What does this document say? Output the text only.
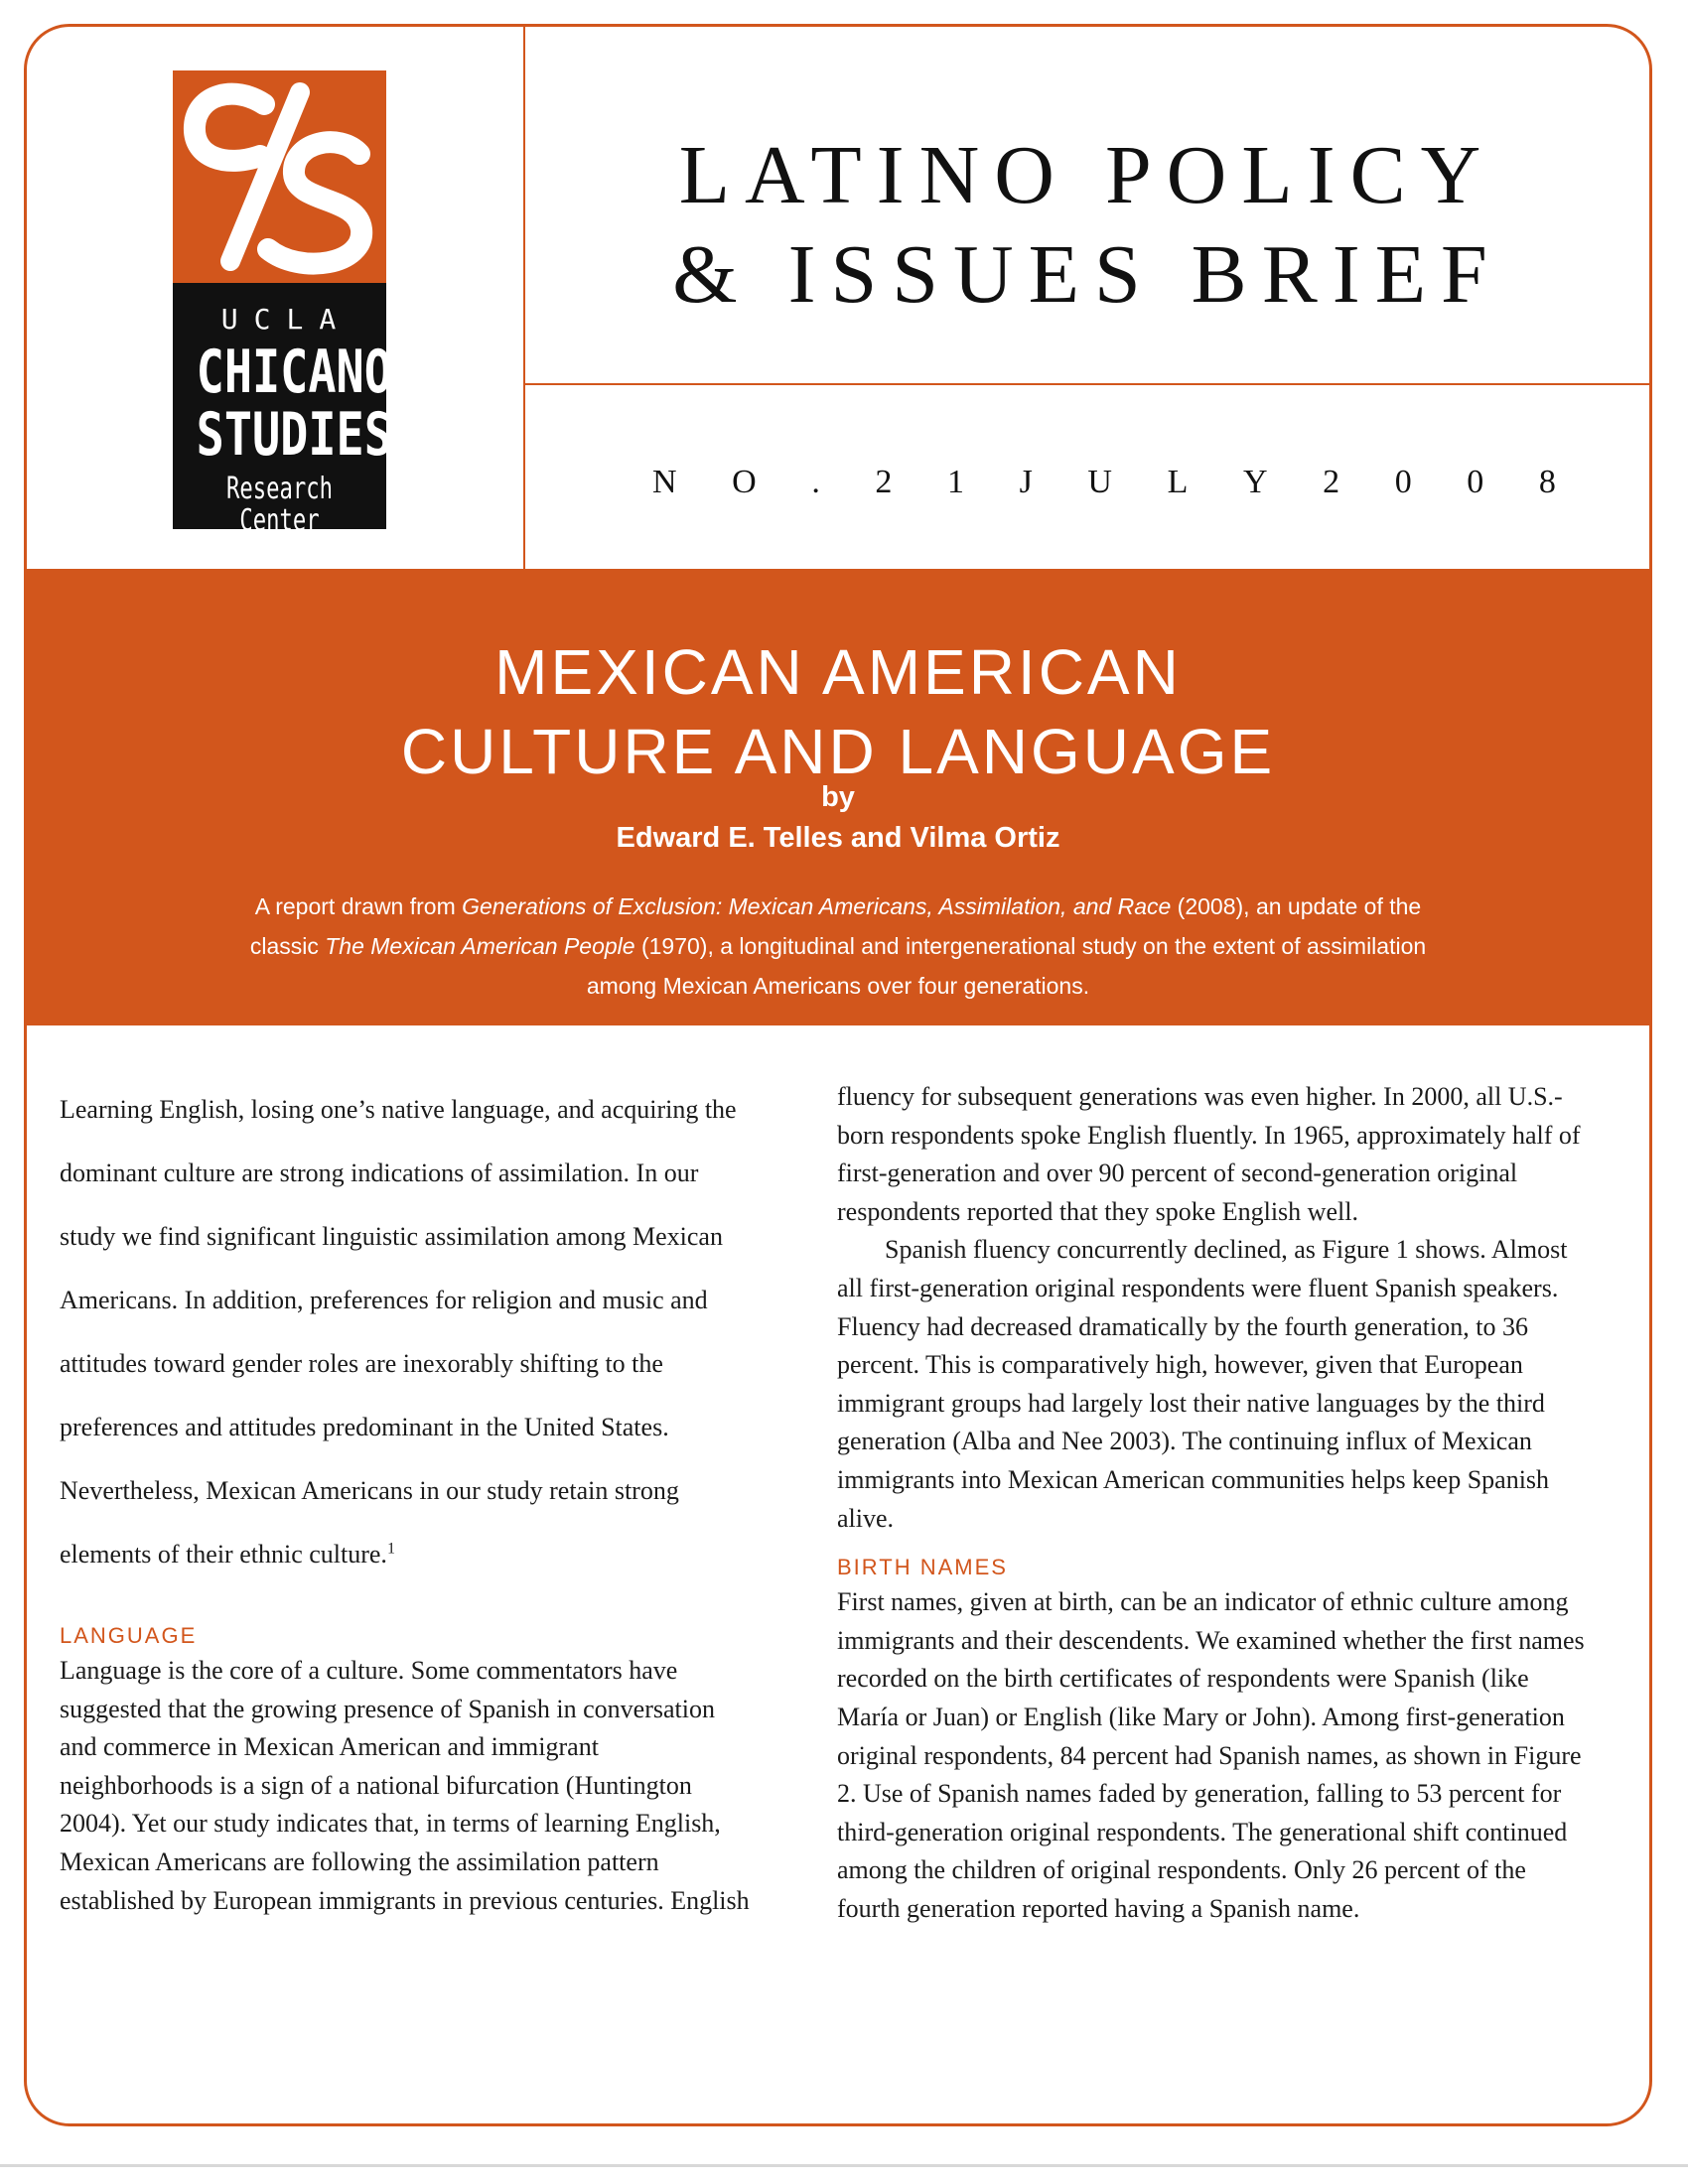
UCLA
CHICANO
STUDIES
Research Center
LATINO POLICY
& ISSUES BRIEF
N O . 2 1 J U L Y 2 0 0 8
MEXICAN AMERICAN
CULTURE AND LANGUAGE
by
Edward E. Telles and Vilma Ortiz
A report drawn from Generations of Exclusion: Mexican Americans, Assimilation, and Race (2008), an update of the classic The Mexican American People (1970), a longitudinal and intergenerational study on the extent of assimilation among Mexican Americans over four generations.

Learning English, losing one’s native language, and acquiring the dominant culture are strong indications of assimilation. In our study we find significant linguistic assimilation among Mexican Americans. In addition, preferences for religion and music and attitudes toward gender roles are inexorably shifting to the preferences and attitudes predominant in the United States. Nevertheless, Mexican Americans in our study retain strong elements of their ethnic culture.$^1$

LANGUAGE

Language is the core of a culture. Some commentators have suggested that the growing presence of Spanish in conversation and commerce in Mexican American and immigrant neighborhoods is a sign of a national bifurcation (Huntington 2004). Yet our study indicates that, in terms of learning English, Mexican Americans are following the assimilation pattern established by European immigrants in previous centuries. English

fluency for subsequent generations was even higher. In 2000, all U.S.-born respondents spoke English fluently. In 1965, approximately half of first-generation and over 90 percent of second-generation original respondents reported that they spoke English well.

Spanish fluency concurrently declined, as Figure 1 shows. Almost all first-generation original respondents were fluent Spanish speakers. Fluency had decreased dramatically by the fourth generation, to 36 percent. This is comparatively high, however, given that European immigrant groups had largely lost their native languages by the third generation (Alba and Nee 2003). The continuing influx of Mexican immigrants into Mexican American communities helps keep Spanish alive.

BIRTH NAMES

First names, given at birth, can be an indicator of ethnic culture among immigrants and their descendents. We examined whether the first names recorded on the birth certificates of respondents were Spanish (like María or Juan) or English (like Mary or John). Among first-generation original respondents, 84 percent had Spanish names, as shown in Figure 2. Use of Spanish names faded by generation, falling to 53 percent for third-generation original respondents. The generational shift continued among the children of original respondents. Only 26 percent of the fourth generation reported having a Spanish name.
